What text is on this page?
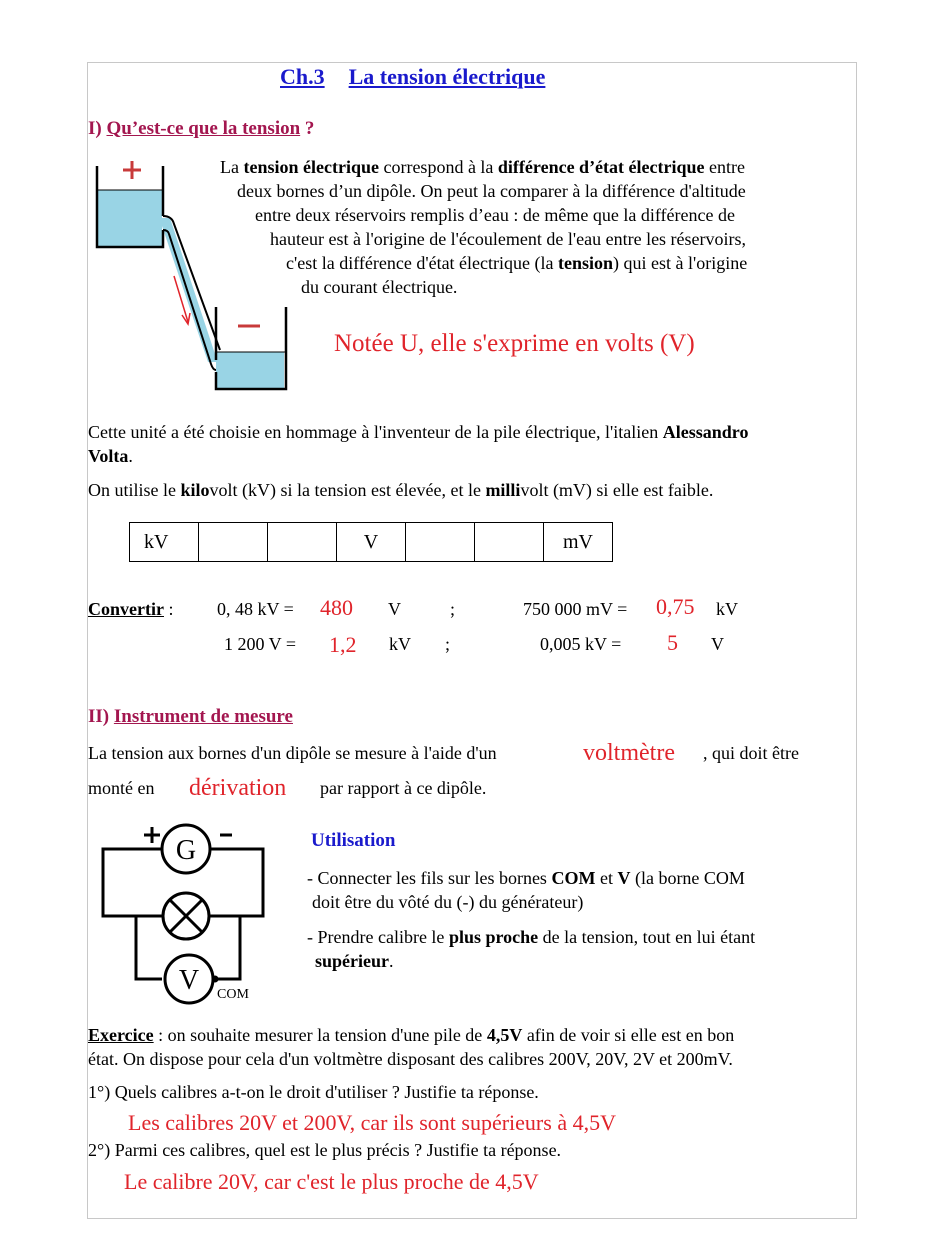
Ch.3 La tension électrique
I) Qu’est-ce que la tension ?
La tension électrique correspond à la différence d’état électrique entre
deux bornes d’un dipôle. On peut la comparer à la différence d'altitude
entre deux réservoirs remplis d’eau : de même que la différence de
hauteur est à l'origine de l'écoulement de l'eau entre les réservoirs,
c'est la différence d'état électrique (la tension) qui est à l'origine
du courant électrique.
Notée U, elle s'exprime en volts (V)
Cette unité a été choisie en hommage à l'inventeur de la pile électrique, l'italien Alessandro
Volta.
On utilise le kilovolt (kV) si la tension est élevée, et le millivolt (mV) si elle est faible.
kV			V			mV
Convertir : 0, 48 kV = 480 V	;	750 000 mV = 0,75 kV
1 200 V = 1,2 kV ;	0,005 kV = 5 V
II) Instrument de mesure
La tension aux bornes d'un dipôle se mesure à l'aide d'un	voltmètre , qui doit être
monté en dérivation par rapport à ce dipôle.
G
V COM
Utilisation
- Connecter les fils sur les bornes COM et V (la borne COM
doit être du vôté du (-) du générateur)
- Prendre calibre le plus proche de la tension, tout en lui étant
supérieur.
Exercice : on souhaite mesurer la tension d'une pile de 4,5V afin de voir si elle est en bon
état. On dispose pour cela d'un voltmètre disposant des calibres 200V, 20V, 2V et 200mV.
1°) Quels calibres a-t-on le droit d'utiliser ? Justifie ta réponse.
Les calibres 20V et 200V, car ils sont supérieurs à 4,5V
2°) Parmi ces calibres, quel est le plus précis ? Justifie ta réponse.
Le calibre 20V, car c'est le plus proche de 4,5V
